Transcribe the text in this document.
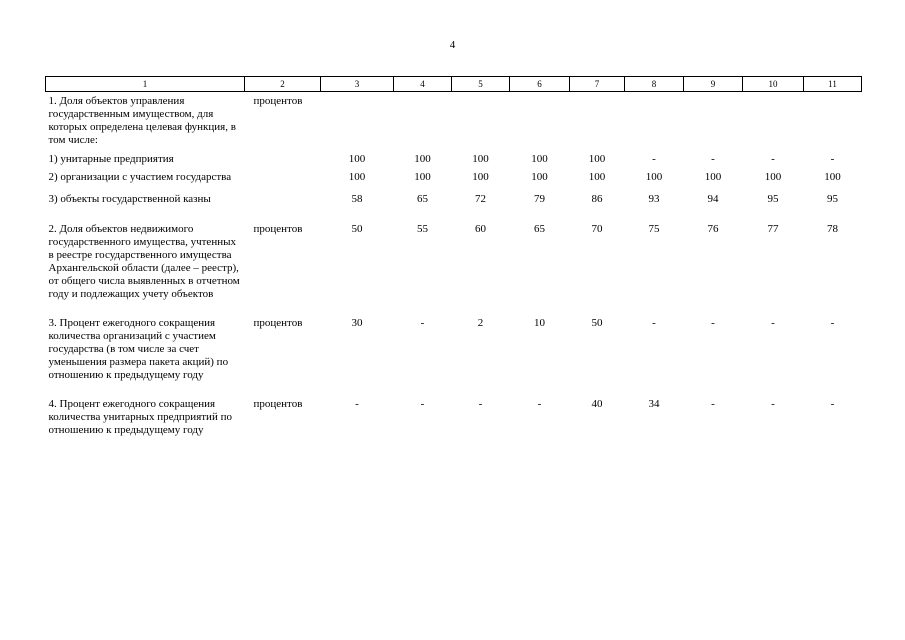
4
1	2	3	4	5	6	7	8	9	10	11
1. Доля объектов управления государственным имуществом, для которых определена целевая функция, в том числе:	процентов									
1) унитарные предприятия		100	100	100	100	100	-	-	-	-
2) организации с участием государства		100	100	100	100	100	100	100	100	100
3) объекты государственной казны		58	65	72	79	86	93	94	95	95
2. Доля объектов недвижимого государственного имущества, учтенных в реестре государственного имущества Архангельской области (далее – реестр), от общего числа выявленных в отчетном году и подлежащих учету объектов	процентов	50	55	60	65	70	75	76	77	78
3. Процент ежегодного сокращения количества организаций с участием государства (в том числе за счет уменьшения размера пакета акций) по отношению к предыдущему году	процентов	30	-	2	10	50	-	-	-	-
4. Процент ежегодного сокращения количества унитарных предприятий по отношению к предыдущему году	процентов	-	-	-	-	40	34	-	-	-
